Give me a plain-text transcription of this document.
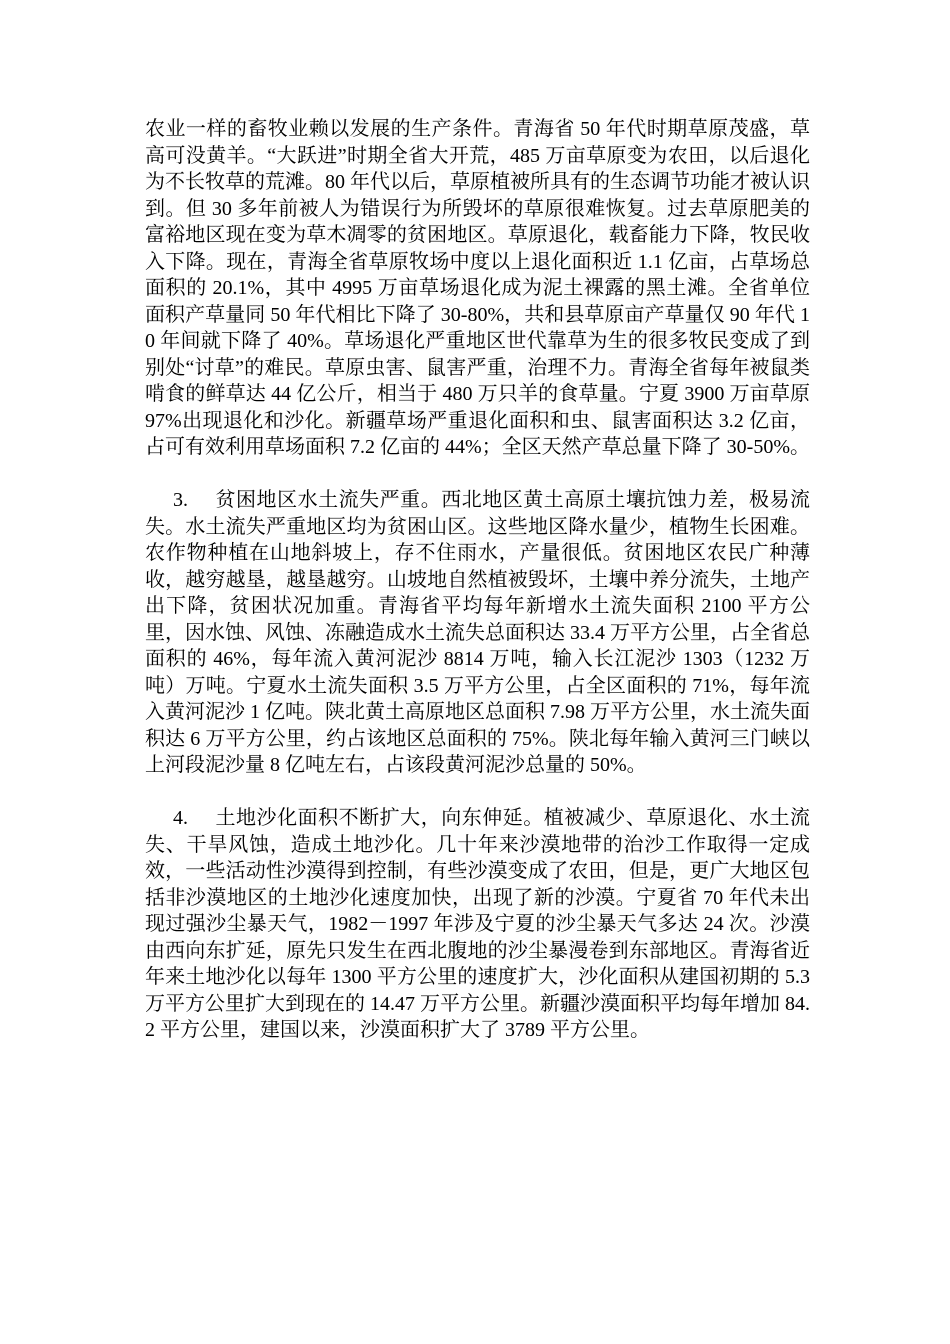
农业一样的畜牧业赖以发展的生产条件。青海省 50 年代时期草原茂盛，草高可没黄羊。“大跃进”时期全省大开荒，485 万亩草原变为农田，以后退化为不长牧草的荒滩。80 年代以后，草原植被所具有的生态调节功能才被认识到。但 30 多年前被人为错误行为所毁坏的草原很难恢复。过去草原肥美的富裕地区现在变为草木凋零的贫困地区。草原退化，载畜能力下降，牧民收入下降。现在，青海全省草原牧场中度以上退化面积近 1.1 亿亩，占草场总面积的 20.1%，其中 4995 万亩草场退化成为泥土裸露的黑土滩。全省单位面积产草量同 50 年代相比下降了 30-80%，共和县草原亩产草量仅 90 年代 10 年间就下降了 40%。草场退化严重地区世代靠草为生的很多牧民变成了到别处“讨草”的难民。草原虫害、鼠害严重，治理不力。青海全省每年被鼠类啃食的鲜草达 44 亿公斤，相当于 480 万只羊的食草量。宁夏 3900 万亩草原 97%出现退化和沙化。新疆草场严重退化面积和虫、鼠害面积达 3.2 亿亩，占可有效利用草场面积 7.2 亿亩的 44%；全区天然产草总量下降了 30-50%。

3. 贫困地区水土流失严重。西北地区黄土高原土壤抗蚀力差，极易流失。水土流失严重地区均为贫困山区。这些地区降水量少，植物生长困难。农作物种植在山地斜坡上，存不住雨水，产量很低。贫困地区农民广种薄收，越穷越垦，越垦越穷。山坡地自然植被毁坏，土壤中养分流失，土地产出下降，贫困状况加重。青海省平均每年新增水土流失面积 2100 平方公里，因水蚀、风蚀、冻融造成水土流失总面积达 33.4 万平方公里，占全省总面积的 46%，每年流入黄河泥沙 8814 万吨，输入长江泥沙 1303（1232 万吨）万吨。宁夏水土流失面积 3.5 万平方公里，占全区面积的 71%，每年流入黄河泥沙 1 亿吨。陕北黄土高原地区总面积 7.98 万平方公里，水土流失面积达 6 万平方公里，约占该地区总面积的 75%。陕北每年输入黄河三门峡以上河段泥沙量 8 亿吨左右，占该段黄河泥沙总量的 50%。

4. 土地沙化面积不断扩大，向东伸延。植被减少、草原退化、水土流失、干旱风蚀，造成土地沙化。几十年来沙漠地带的治沙工作取得一定成效，一些活动性沙漠得到控制，有些沙漠变成了农田，但是，更广大地区包括非沙漠地区的土地沙化速度加快，出现了新的沙漠。宁夏省 70 年代未出现过强沙尘暴天气，1982－1997 年涉及宁夏的沙尘暴天气多达 24 次。沙漠由西向东扩延，原先只发生在西北腹地的沙尘暴漫卷到东部地区。青海省近年来土地沙化以每年 1300 平方公里的速度扩大，沙化面积从建国初期的 5.3 万平方公里扩大到现在的 14.47 万平方公里。新疆沙漠面积平均每年增加 84.2 平方公里，建国以来，沙漠面积扩大了 3789 平方公里。
